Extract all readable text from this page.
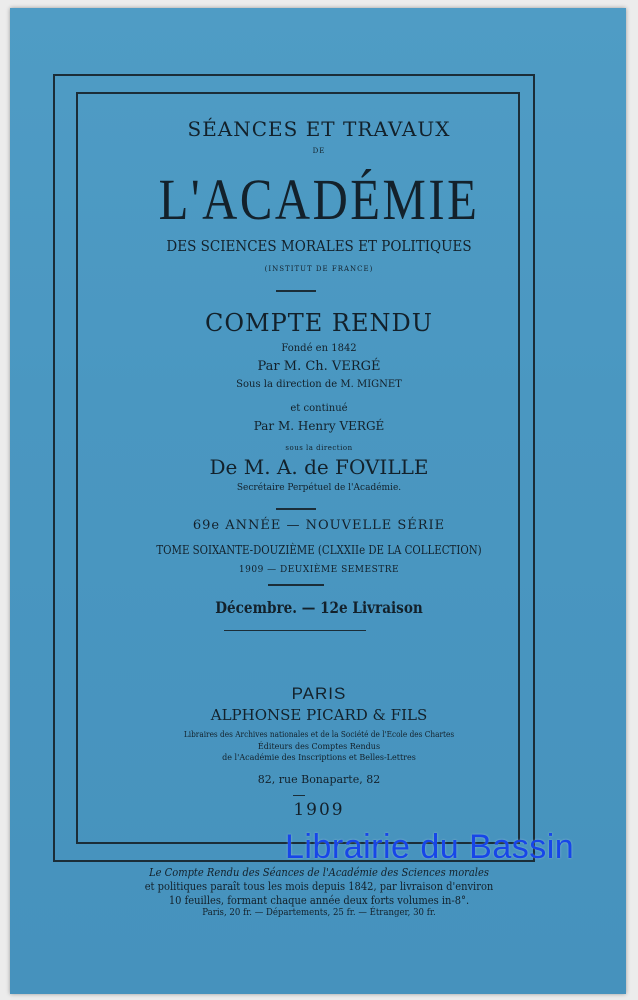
SÉANCES ET TRAVAUX
DE
L'ACADÉMIE
DES SCIENCES MORALES ET POLITIQUES
(INSTITUT DE FRANCE)
COMPTE RENDU
Fondé en 1842
Par M. Ch. VERGÉ
Sous la direction de M. MIGNET
et continué
Par M. Henry VERGÉ
sous la direction
De M. A. de FOVILLE
Secrétaire Perpétuel de l'Académie.
69e ANNÉE — NOUVELLE SÉRIE
TOME SOIXANTE-DOUZIÈME (CLXXIIe DE LA COLLECTION)
1909 — DEUXIÈME SEMESTRE
Décembre. — 12e Livraison
PARIS
ALPHONSE PICARD & FILS
Libraires des Archives nationales et de la Société de l'École des Chartes
Éditeurs des Comptes Rendus
de l'Académie des Inscriptions et Belles-Lettres
82, rue Bonaparte, 82
1909
Le Compte Rendu des Séances de l'Académie des Sciences morales
et politiques paraît tous les mois depuis 1842, par livraison d'environ
10 feuilles, formant chaque année deux forts volumes in-8°.
Paris, 20 fr. — Départements, 25 fr. — Étranger, 30 fr.
Librairie du Bassin
